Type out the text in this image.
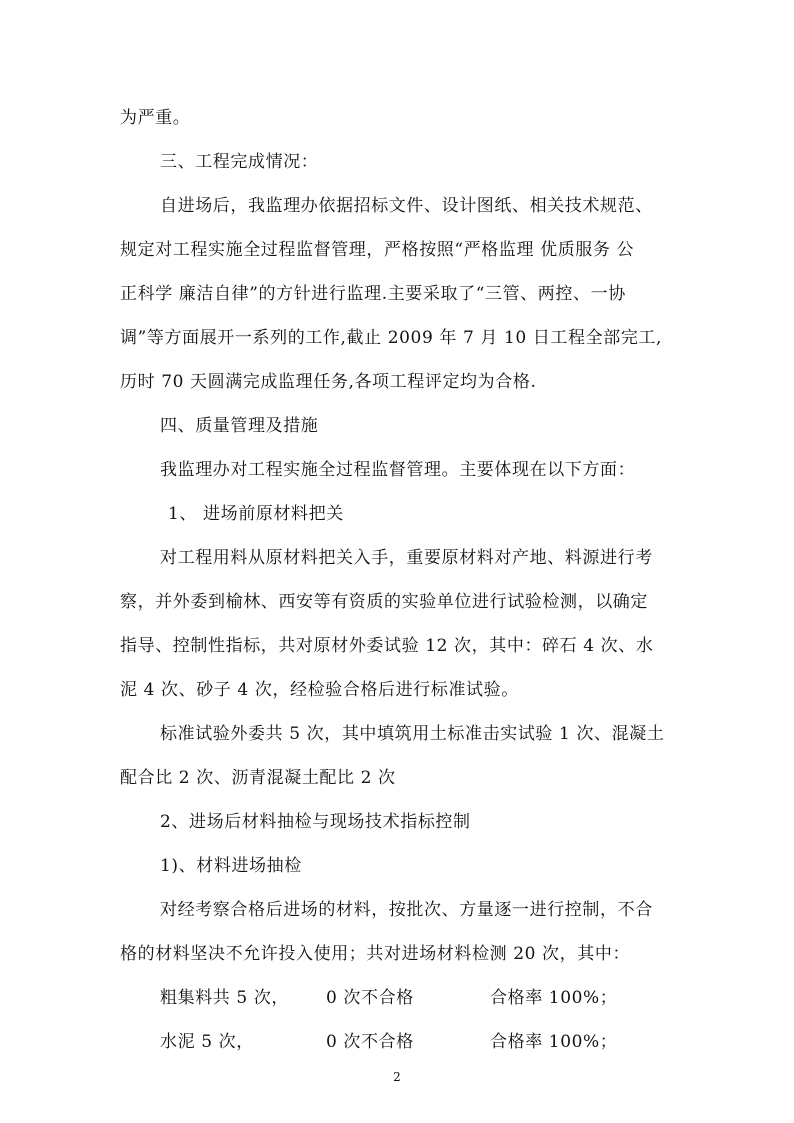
为严重。
三、工程完成情况：
自进场后，我监理办依据招标文件、设计图纸、相关技术规范、
规定对工程实施全过程监督管理，严格按照“严格监理 优质服务 公
正科学 廉洁自律”的方针进行监理.主要采取了“三管、两控、一协
调”等方面展开一系列的工作,截止 2009 年 7 月 10 日工程全部完工,
历时 70 天圆满完成监理任务,各项工程评定均为合格.
四、质量管理及措施
我监理办对工程实施全过程监督管理。主要体现在以下方面：
1、 进场前原材料把关
对工程用料从原材料把关入手，重要原材料对产地、料源进行考
察，并外委到榆林、西安等有资质的实验单位进行试验检测，以确定
指导、控制性指标，共对原材外委试验 12 次，其中：碎石 4 次、水
泥 4 次、砂子 4 次，经检验合格后进行标准试验。
标准试验外委共 5 次，其中填筑用土标准击实试验 1 次、混凝土
配合比 2 次、沥青混凝土配比 2 次
2、进场后材料抽检与现场技术指标控制
1)、材料进场抽检
对经考察合格后进场的材料，按批次、方量逐一进行控制，不合
格的材料坚决不允许投入使用；共对进场材料检测 20 次，其中：
粗集料共 5 次， 0 次不合格	合格率 100%；
水泥 5 次，	0 次不合格	合格率 100%；
2
